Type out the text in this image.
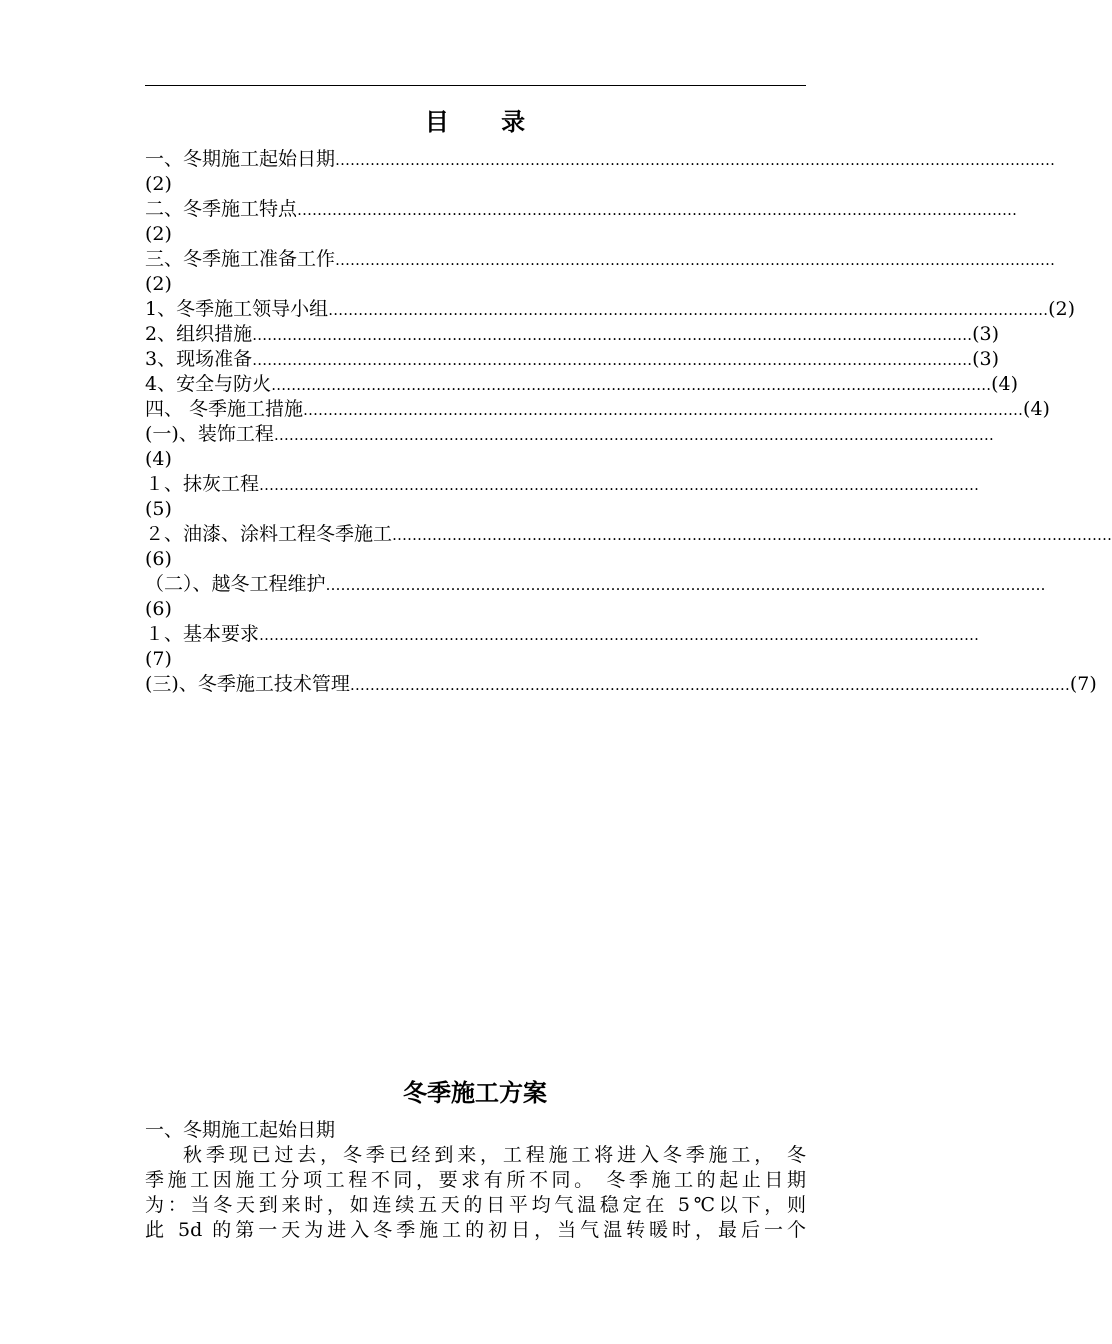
目 录
一、冬期施工起始日期 ………………………………………………………………………………………………………………………………
(2)
二、冬季施工特点 ………………………………………………………………………………………………………………………………
(2)
三、冬季施工准备工作 ………………………………………………………………………………………………………………………………
(2)
1、冬季施工领导小组 ……………………………………………………………………………………………………………………………… (2)
2、组织措施 ……………………………………………………………………………………………………………………………… (3)
3、现场准备 ……………………………………………………………………………………………………………………………… (3)
4、安全与防火 ……………………………………………………………………………………………………………………………… (4)
四、 冬季施工措施 ……………………………………………………………………………………………………………………………… (4)
(一)、装饰工程 ………………………………………………………………………………………………………………………………
(4)
１、抹灰工程 ………………………………………………………………………………………………………………………………
(5)
２、油漆、涂料工程冬季施工 ………………………………………………………………………………………………………………………………
(6)
（二）、越冬工程维护 ………………………………………………………………………………………………………………………………
(6)
１、基本要求 ………………………………………………………………………………………………………………………………
(7)
(三)、冬季施工技术管理 ……………………………………………………………………………………………………………………………… (7)
冬季施工方案
一、冬期施工起始日期
秋季现已过去，冬季已经到来，工程施工将进入冬季施工， 冬
季施工因施工分项工程不同，要求有所不同。 冬季施工的起止日期
为：当冬天到来时，如连续五天的日平均气温稳定在 5℃以下，则
此 5d 的第一天为进入冬季施工的初日，当气温转暖时，最后一个
